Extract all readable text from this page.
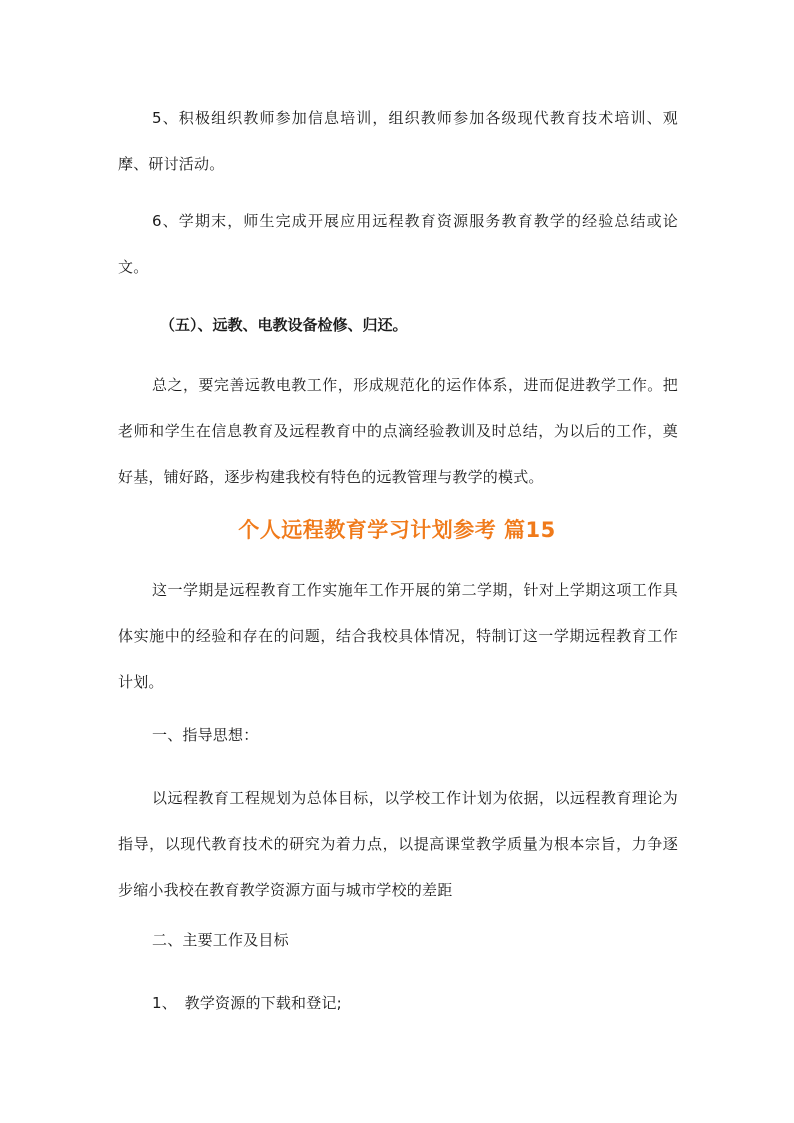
5、积极组织教师参加信息培训，组织教师参加各级现代教育技术培训、观摩、研讨活动。

6、学期末，师生完成开展应用远程教育资源服务教育教学的经验总结或论文。

（五）、远教、电教设备检修、归还。

总之，要完善远教电教工作，形成规范化的运作体系，进而促进教学工作。把老师和学生在信息教育及远程教育中的点滴经验教训及时总结，为以后的工作，奠好基，铺好路，逐步构建我校有特色的远教管理与教学的模式。

个人远程教育学习计划参考 篇15

这一学期是远程教育工作实施年工作开展的第二学期，针对上学期这项工作具体实施中的经验和存在的问题，结合我校具体情况，特制订这一学期远程教育工作计划。

一、指导思想：

以远程教育工程规划为总体目标，以学校工作计划为依据，以远程教育理论为指导，以现代教育技术的研究为着力点，以提高课堂教学质量为根本宗旨，力争逐步缩小我校在教育教学资源方面与城市学校的差距

二、主要工作及目标

1、　教学资源的下载和登记;
